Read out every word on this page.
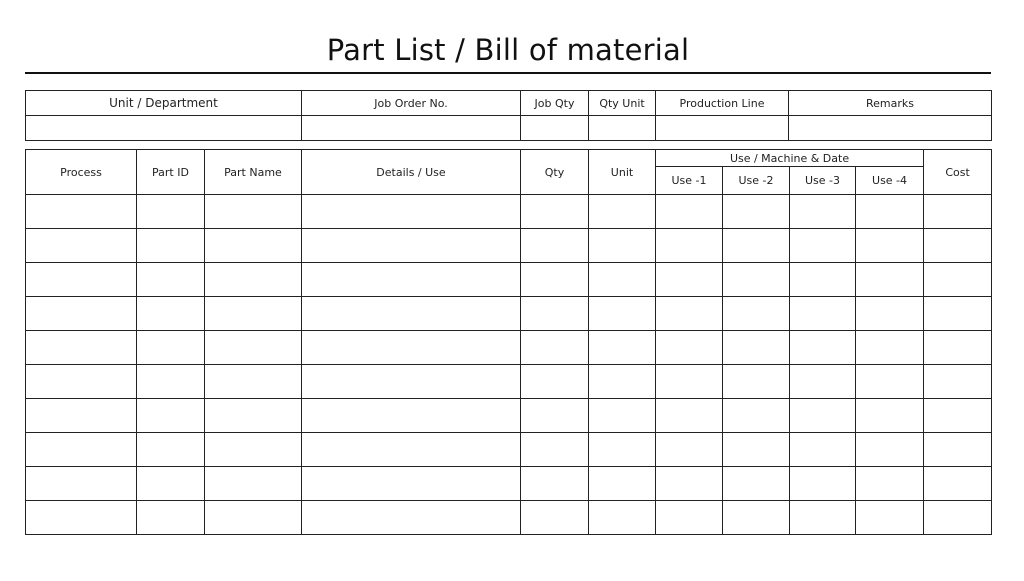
Part List / Bill of material
Unit / Department	Job Order No.	Job Qty	Qty Unit	Production Line	Remarks

Process	Part ID	Part Name	Details / Use	Qty	Unit	Use / Machine & Date				Cost
						Use -1	Use -2	Use -3	Use -4	
